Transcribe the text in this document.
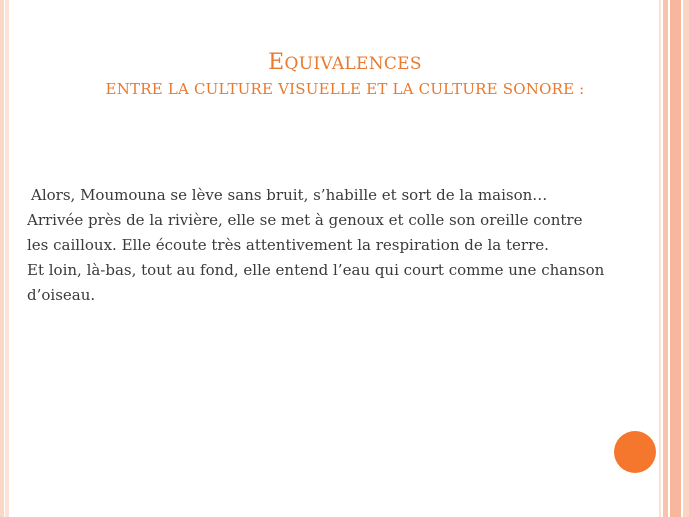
EQUIVALENCES
ENTRE LA CULTURE VISUELLE ET LA CULTURE SONORE :
Alors, Moumouna se lève sans bruit, s’habille et sort de la maison…
Arrivée près de la rivière, elle se met à genoux et colle son oreille contre
les cailloux. Elle écoute très attentivement la respiration de la terre.
Et loin, là-bas, tout au fond, elle entend l’eau qui court comme une chanson
d’oiseau.
